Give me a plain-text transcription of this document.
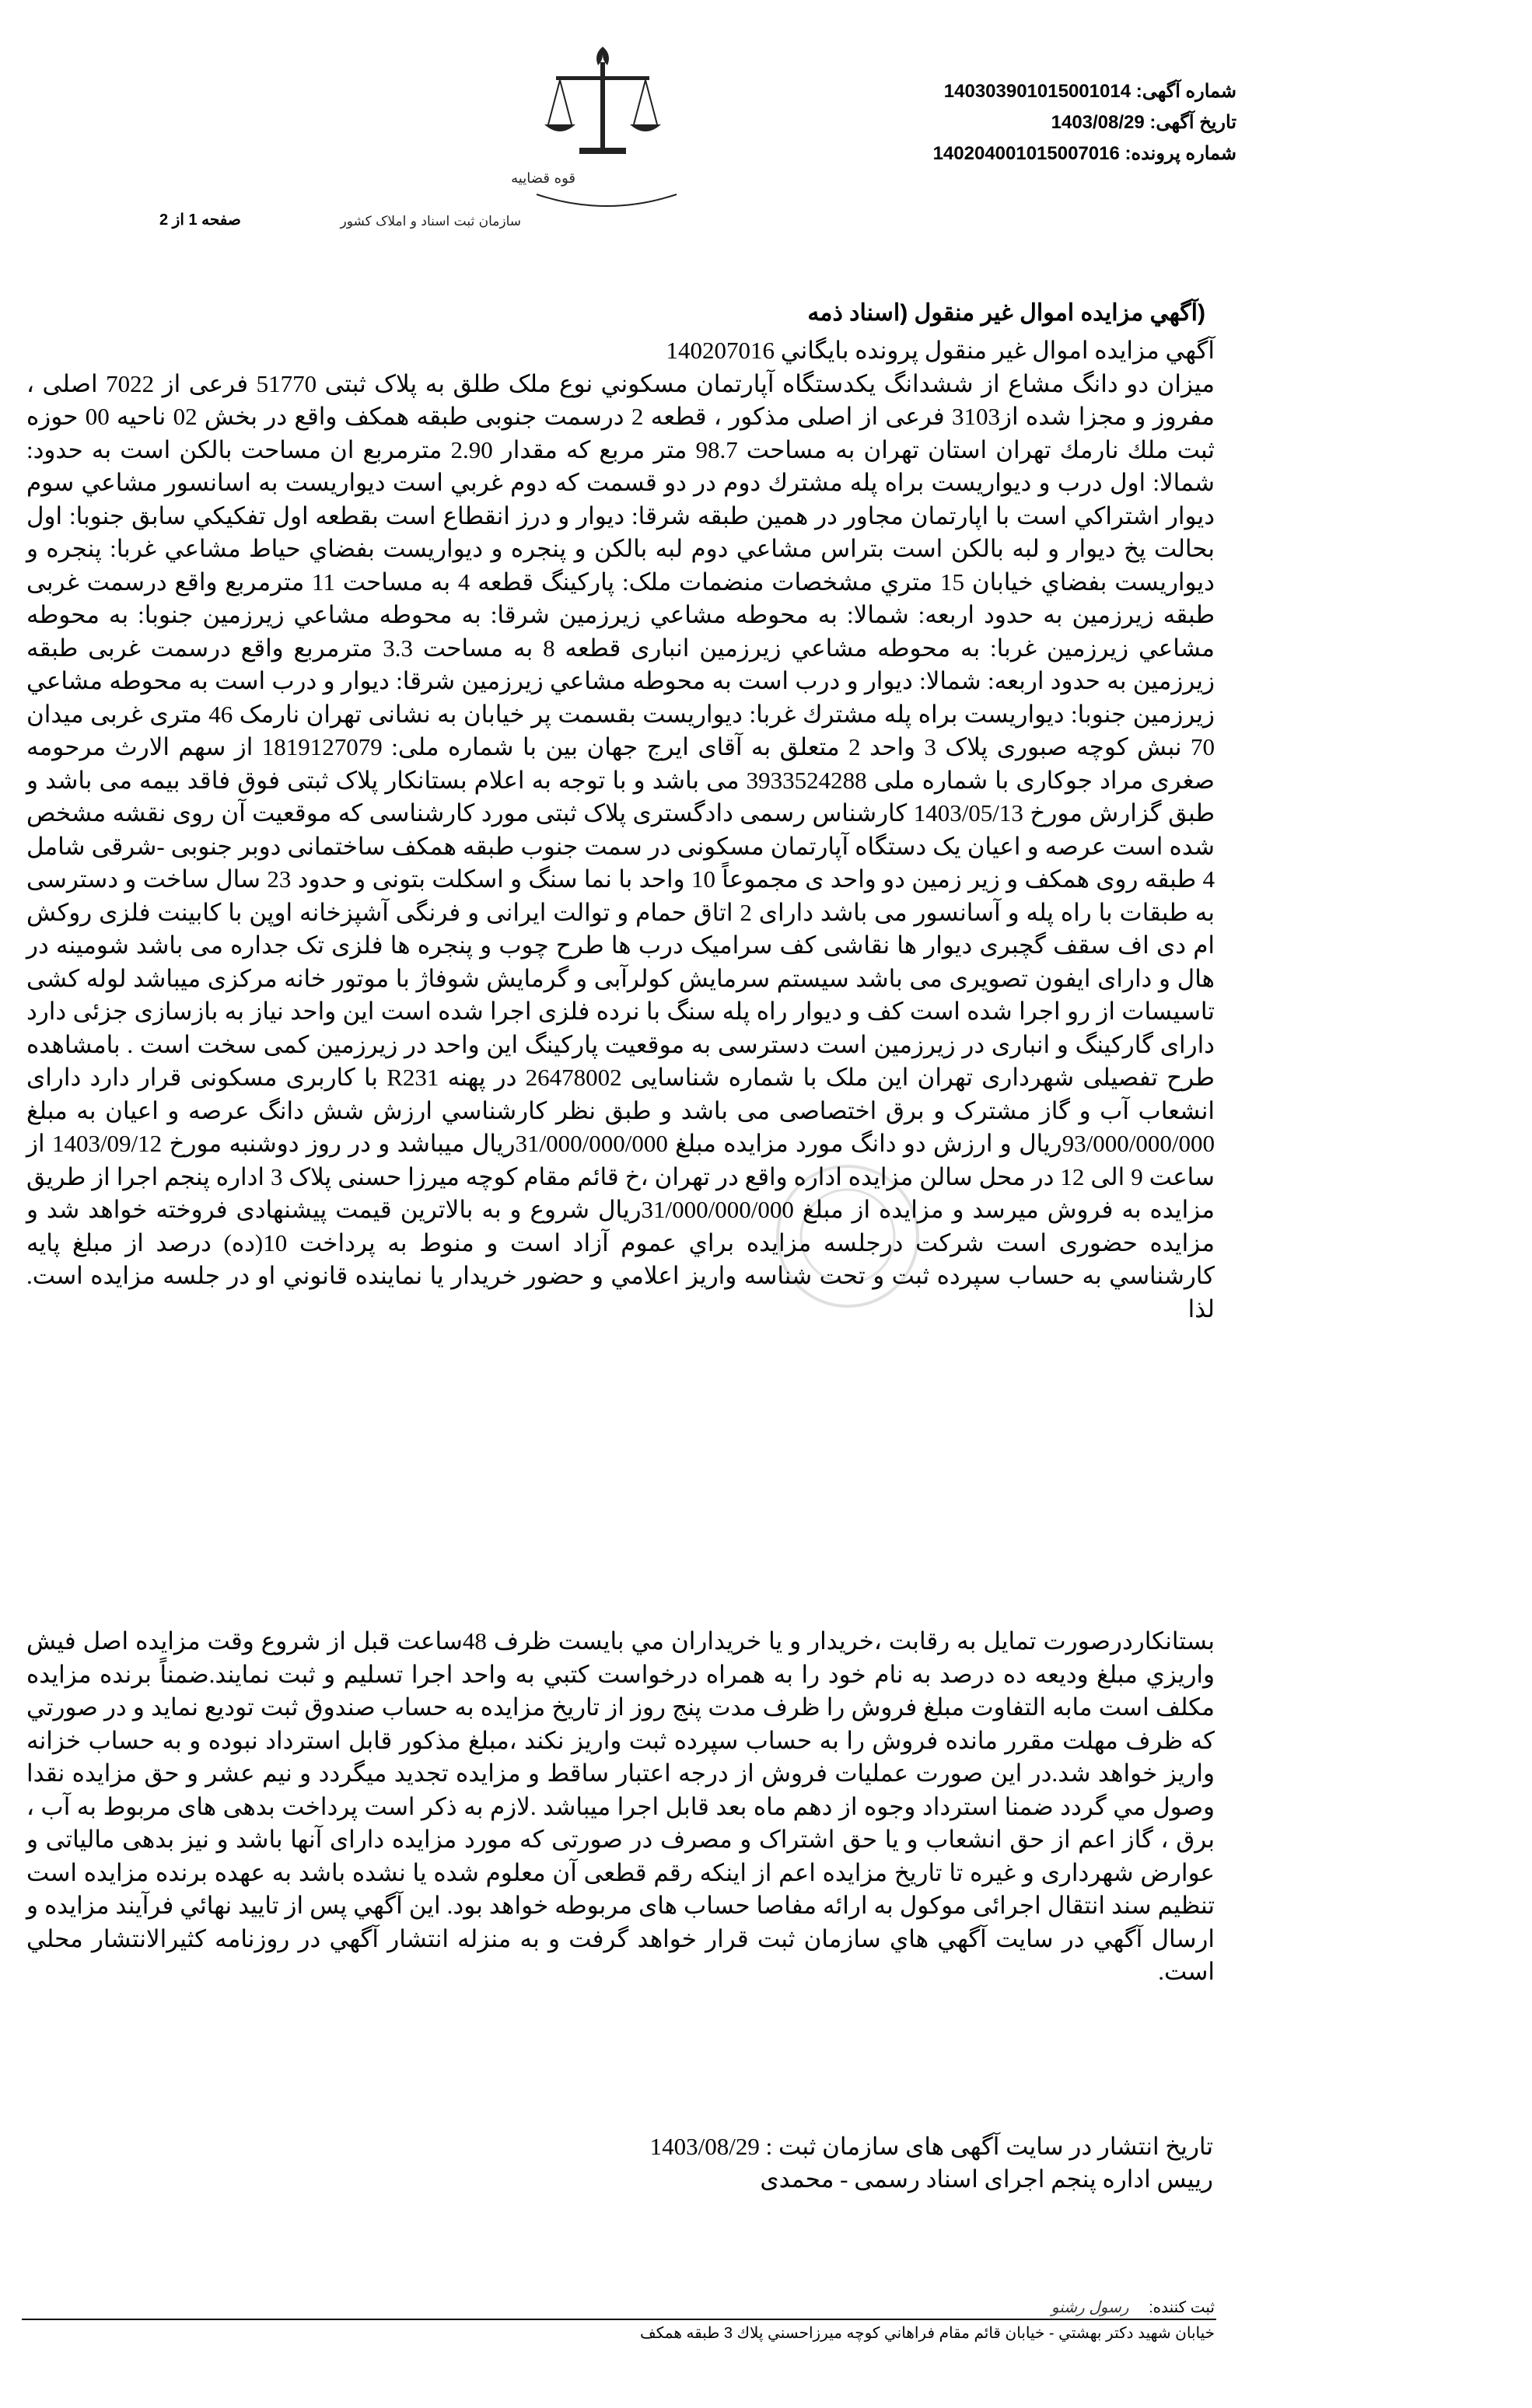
شماره آگهی: 140303901015001014
تاریخ آگهی: 1403/08/29
شماره پرونده: 140204001015007016
قوه قضاییه
سازمان ثبت اسناد و املاک کشور
صفحه 1 از 2
(آگهي مزايده اموال غير منقول (اسناد ذمه

آگهي مزايده اموال غير منقول پرونده بايگاني 140207016

ميزان دو دانگ مشاع از ششدانگ يكدستگاه آپارتمان مسكوني نوع ملک طلق به پلاک ثبتی 51770 فرعی از 7022 اصلی ، مفروز و مجزا شده از3103 فرعی از اصلی مذکور ، قطعه 2 درسمت جنوبی طبقه همکف واقع در بخش 02 ناحيه 00 حوزه ثبت ملك نارمك تهران استان تهران به مساحت 98.7 متر مربع كه مقدار 2.90 مترمربع ان مساحت بالکن است به حدود: شمالا: اول درب و ديواريست براه پله مشترك دوم در دو قسمت كه دوم غربي است ديواريست به اسانسور مشاعي سوم ديوار اشتراكي است با اپارتمان مجاور در همين طبقه شرقا: ديوار و درز انقطاع است بقطعه اول تفكيكي سابق جنوبا: اول بحالت پخ ديوار و لبه بالكن است بتراس مشاعي دوم لبه بالكن و پنجره و ديواريست بفضاي حياط مشاعي غربا: پنجره و ديواريست بفضاي خيابان 15 متري مشخصات منضمات ملک: پاركينگ قطعه 4 به مساحت 11 مترمربع واقع درسمت غربی طبقه زيرزمين به حدود اربعه: شمالا: به محوطه مشاعي زيرزمين شرقا: به محوطه مشاعي زيرزمين جنوبا: به محوطه مشاعي زيرزمين غربا: به محوطه مشاعي زيرزمين انباری قطعه 8 به مساحت 3.3 مترمربع واقع درسمت غربی طبقه زيرزمين به حدود اربعه: شمالا: ديوار و درب است به محوطه مشاعي زيرزمين شرقا: ديوار و درب است به محوطه مشاعي زيرزمين جنوبا: ديواريست براه پله مشترك غربا: ديواريست بقسمت پر خيابان به نشانی تهران نارمک 46 متری غربی ميدان 70 نبش کوچه صبوری پلاک 3 واحد 2 متعلق به آقای ايرج جهان بين با شماره ملی: 1819127079 از سهم الارث مرحومه صغری مراد جوكاری با شماره ملی 3933524288 می باشد و با توجه به اعلام بستانكار پلاک ثبتی فوق فاقد بيمه می باشد و طبق گزارش مورخ 1403/05/13 کارشناس رسمی دادگستری پلاک ثبتی مورد کارشناسی که موقعيت آن روی نقشه مشخص شده است عرصه و اعيان يک دستگاه آپارتمان مسکونی در سمت جنوب طبقه همکف ساختمانی دوبر جنوبی -شرقی شامل 4 طبقه روی همکف و زير زمين دو واحد ی مجموعاً 10 واحد با نما سنگ و اسکلت بتونی و حدود 23 سال ساخت و دسترسی به طبقات با راه پله و آسانسور می باشد دارای 2 اتاق حمام و توالت ايرانی و فرنگی آشپزخانه اوپن با کابينت فلزی روکش ام دی اف سقف گچبری ديوار ها نقاشی کف سراميک درب ها طرح چوب و پنجره ها فلزی تک جداره می باشد شومينه در هال و دارای ايفون تصويری می باشد سيستم سرمايش کولرآبی و گرمايش شوفاژ با موتور خانه مرکزی ميباشد لوله کشی تاسيسات از رو اجرا شده است کف و ديوار راه پله سنگ با نرده فلزی اجرا شده است اين واحد نياز به بازسازی جزئی دارد دارای گارکينگ و انباری در زيرزمين است دسترسی به موقعيت پارکينگ اين واحد در زيرزمين کمی سخت است . بامشاهده طرح تفصيلی شهرداری تهران اين ملک با شماره شناسايی 26478002 در پهنه R231 با کاربری مسکونی قرار دارد دارای انشعاب آب و گاز مشترک و برق اختصاصی می باشد و طبق نظر كارشناسي ارزش شش دانگ عرصه و اعيان به مبلغ 93/000/000/000ريال و ارزش دو دانگ مورد مزايده مبلغ 31/000/000/000ريال ميباشد و در روز دوشنبه مورخ 1403/09/12 از ساعت 9 الی 12 در محل سالن مزايده اداره واقع در تهران ،خ قائم مقام کوچه ميرزا حسنی پلاک 3 اداره پنجم اجرا از طريق مزايده به فروش ميرسد و مزايده از مبلغ 31/000/000/000ريال شروع و به بالاترين قيمت پيشنهادی فروخته خواهد شد و مزايده حضوری است شركت درجلسه مزايده براي عموم آزاد است و منوط به پرداخت 10(ده) درصد از مبلغ پايه كارشناسي به حساب سپرده ثبت و تحت شناسه واريز اعلامي و حضور خريدار يا نماينده قانوني او در جلسه مزايده است. لذا

بستانكاردرصورت تمايل به رقابت ،خريدار و يا خريداران مي بايست ظرف 48ساعت قبل از شروع وقت مزايده اصل فيش واريزي مبلغ وديعه ده درصد به نام خود را به همراه درخواست كتبي به واحد اجرا تسليم و ثبت نمايند.ضمناً برنده مزايده مكلف است مابه التفاوت مبلغ فروش را ظرف مدت پنج روز از تاريخ مزايده به حساب صندوق ثبت توديع نمايد و در صورتي كه ظرف مهلت مقرر مانده فروش را به حساب سپرده ثبت واريز نكند ،مبلغ مذكور قابل استرداد نبوده و به حساب خزانه واريز خواهد شد.در اين صورت عمليات فروش از درجه اعتبار ساقط و مزايده تجديد ميگردد و نيم عشر و حق مزايده نقدا وصول مي گردد ضمنا استرداد وجوه از دهم ماه بعد قابل اجرا ميباشد .لازم به ذکر است پرداخت بدهی های مربوط به آب ، برق ، گاز اعم از حق انشعاب و يا حق اشتراک و مصرف در صورتی که مورد مزايده دارای آنها باشد و نيز بدهی مالياتی و عوارض شهرداری و غيره تا تاريخ مزايده اعم از اينکه رقم قطعی آن معلوم شده يا نشده باشد به عهده برنده مزايده است تنظيم سند انتقال اجرائی موکول به ارائه مفاصا حساب های مربوطه خواهد بود. اين آگهي پس از تاييد نهائي فرآيند مزايده و ارسال آگهي در سايت آگهي هاي سازمان ثبت قرار خواهد گرفت و به منزله انتشار آگهي در روزنامه كثيرالانتشار محلي است.

تاريخ انتشار در سايت آگهی های سازمان ثبت : 1403/08/29
رييس اداره پنجم اجرای اسناد رسمی - محمدی
ثبت كننده: رسول رشنو
خيابان شهيد دكتر بهشتي - خيابان قائم مقام فراهاني كوچه ميرزاحسني پلاك 3 طبقه همكف
